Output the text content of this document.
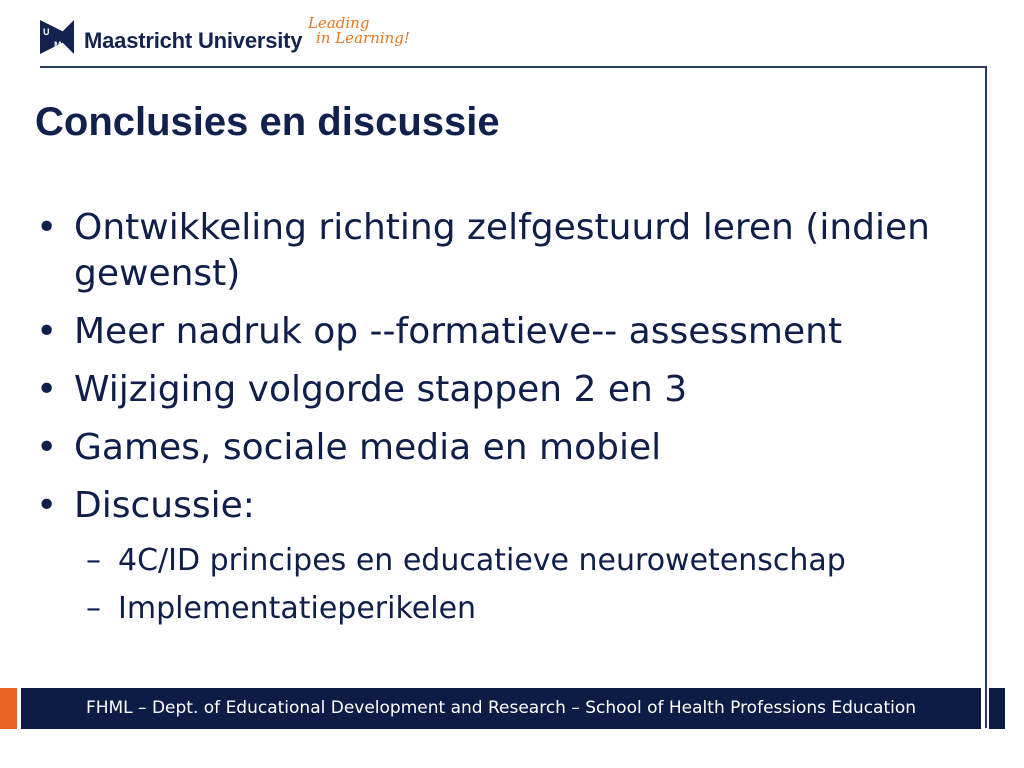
U
M Maastricht University
Leading
in Learning!
Conclusies en discussie
• Ontwikkeling richting zelfgestuurd leren (indien gewenst)
• Meer nadruk op --formatieve-- assessment
• Wijziging volgorde stappen 2 en 3
• Games, sociale media en mobiel
• Discussie:
– 4C/ID principes en educatieve neurowetenschap
– Implementatieperikelen
FHML – Dept. of Educational Development and Research – School of Health Professions Education
